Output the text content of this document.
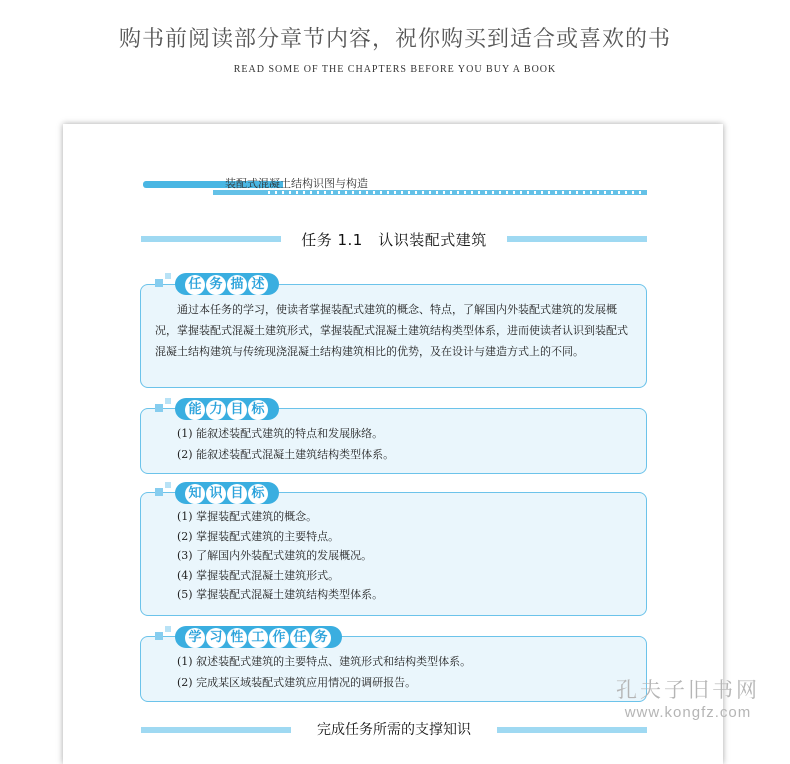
购书前阅读部分章节内容，祝你购买到适合或喜欢的书
READ SOME OF THE CHAPTERS BEFORE YOU BUY A BOOK
装配式混凝土结构识图与构造
任务 1.1　认识装配式建筑
通过本任务的学习，使读者掌握装配式建筑的概念、特点，了解国内外装配式建筑的发展概况，掌握装配式混凝土建筑形式，掌握装配式混凝土建筑结构类型体系，进而使读者认识到装配式混凝土结构建筑与传统现浇混凝土结构建筑相比的优势，及在设计与建造方式上的不同。
任 务 描 述
(1) 能叙述装配式建筑的特点和发展脉络。
(2) 能叙述装配式混凝土建筑结构类型体系。
能 力 目 标
(1) 掌握装配式建筑的概念。
(2) 掌握装配式建筑的主要特点。
(3) 了解国内外装配式建筑的发展概况。
(4) 掌握装配式混凝土建筑形式。
(5) 掌握装配式混凝土建筑结构类型体系。
知 识 目 标
(1) 叙述装配式建筑的主要特点、建筑形式和结构类型体系。
(2) 完成某区域装配式建筑应用情况的调研报告。
学 习 性 工 作 任 务
完成任务所需的支撑知识
孔夫子旧书网
www.kongfz.com
